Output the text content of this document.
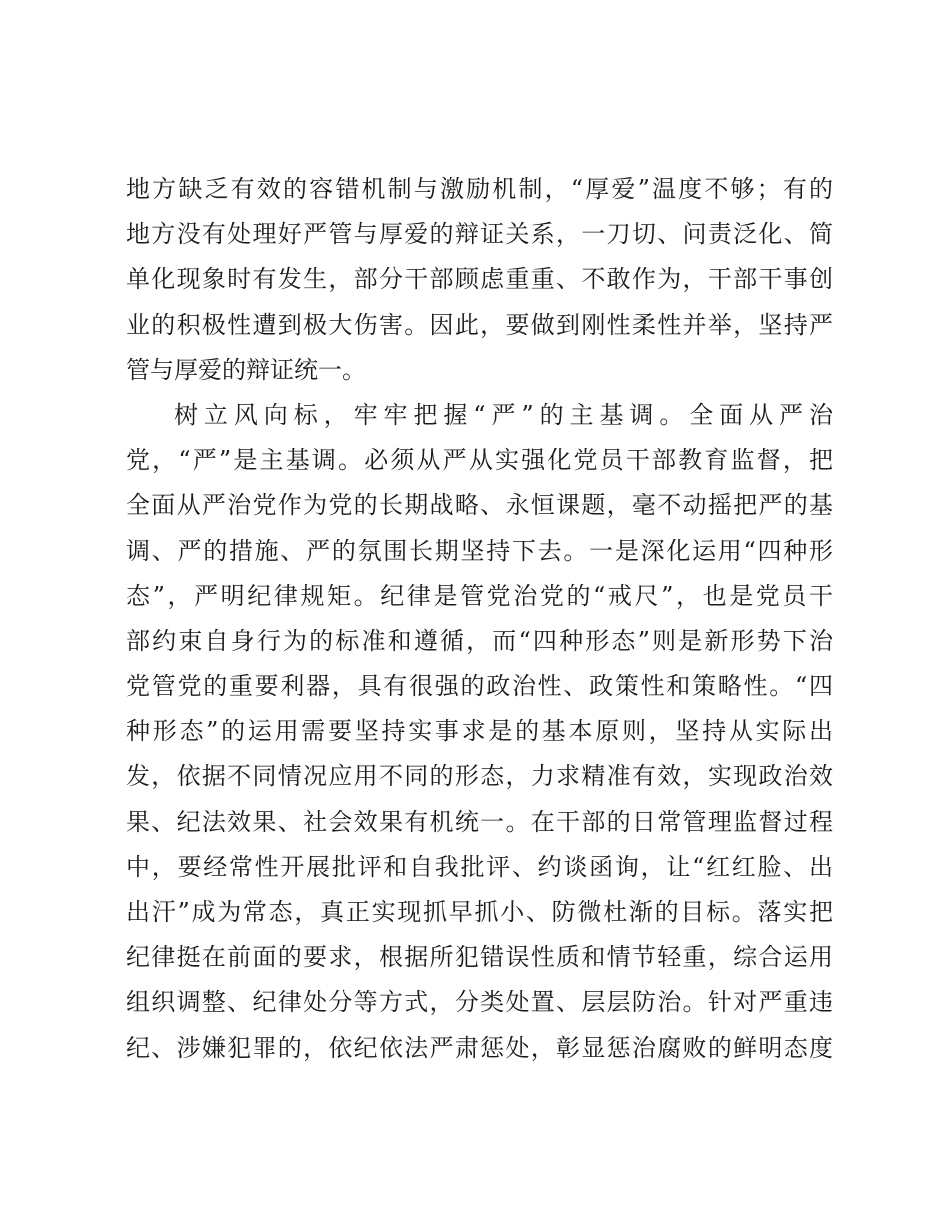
地方缺乏有效的容错机制与激励机制，“厚爱”温度不够；有的
地方没有处理好严管与厚爱的辩证关系，一刀切、问责泛化、简
单化现象时有发生，部分干部顾虑重重、不敢作为，干部干事创
业的积极性遭到极大伤害。因此，要做到刚性柔性并举，坚持严
管与厚爱的辩证统一。
树立风向标，牢牢把握“严”的主基调。全面从严治
党，“严”是主基调。必须从严从实强化党员干部教育监督，把
全面从严治党作为党的长期战略、永恒课题，毫不动摇把严的基
调、严的措施、严的氛围长期坚持下去。一是深化运用“四种形
态”，严明纪律规矩。纪律是管党治党的“戒尺”，也是党员干
部约束自身行为的标准和遵循，而“四种形态”则是新形势下治
党管党的重要利器，具有很强的政治性、政策性和策略性。“四
种形态”的运用需要坚持实事求是的基本原则，坚持从实际出
发，依据不同情况应用不同的形态，力求精准有效，实现政治效
果、纪法效果、社会效果有机统一。在干部的日常管理监督过程
中，要经常性开展批评和自我批评、约谈函询，让“红红脸、出
出汗”成为常态，真正实现抓早抓小、防微杜渐的目标。落实把
纪律挺在前面的要求，根据所犯错误性质和情节轻重，综合运用
组织调整、纪律处分等方式，分类处置、层层防治。针对严重违
纪、涉嫌犯罪的，依纪依法严肃惩处，彰显惩治腐败的鲜明态度
